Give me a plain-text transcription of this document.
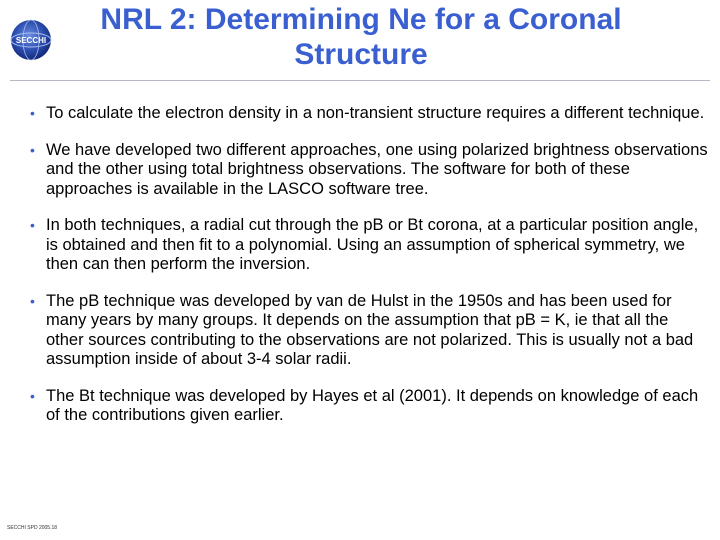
SECCHI
NRL 2: Determining Ne for a Coronal Structure
• To calculate the electron density in a non-transient structure requires a different technique.
• We have developed two different approaches, one using polarized brightness observations and the other using total brightness observations. The software for both of these approaches is available in the LASCO software tree.
• In both techniques, a radial cut through the pB or Bt corona, at a particular position angle, is obtained and then fit to a polynomial. Using an assumption of spherical symmetry, we then can then perform the inversion.
• The pB technique was developed by van de Hulst in the 1950s and has been used for many years by many groups. It depends on the assumption that pB = K, ie that all the other sources contributing to the observations are not polarized. This is usually not a bad assumption inside of about 3-4 solar radii.
• The Bt technique was developed by Hayes et al (2001). It depends on knowledge of each of the contributions given earlier.
SECCHI SPD 2005.18
